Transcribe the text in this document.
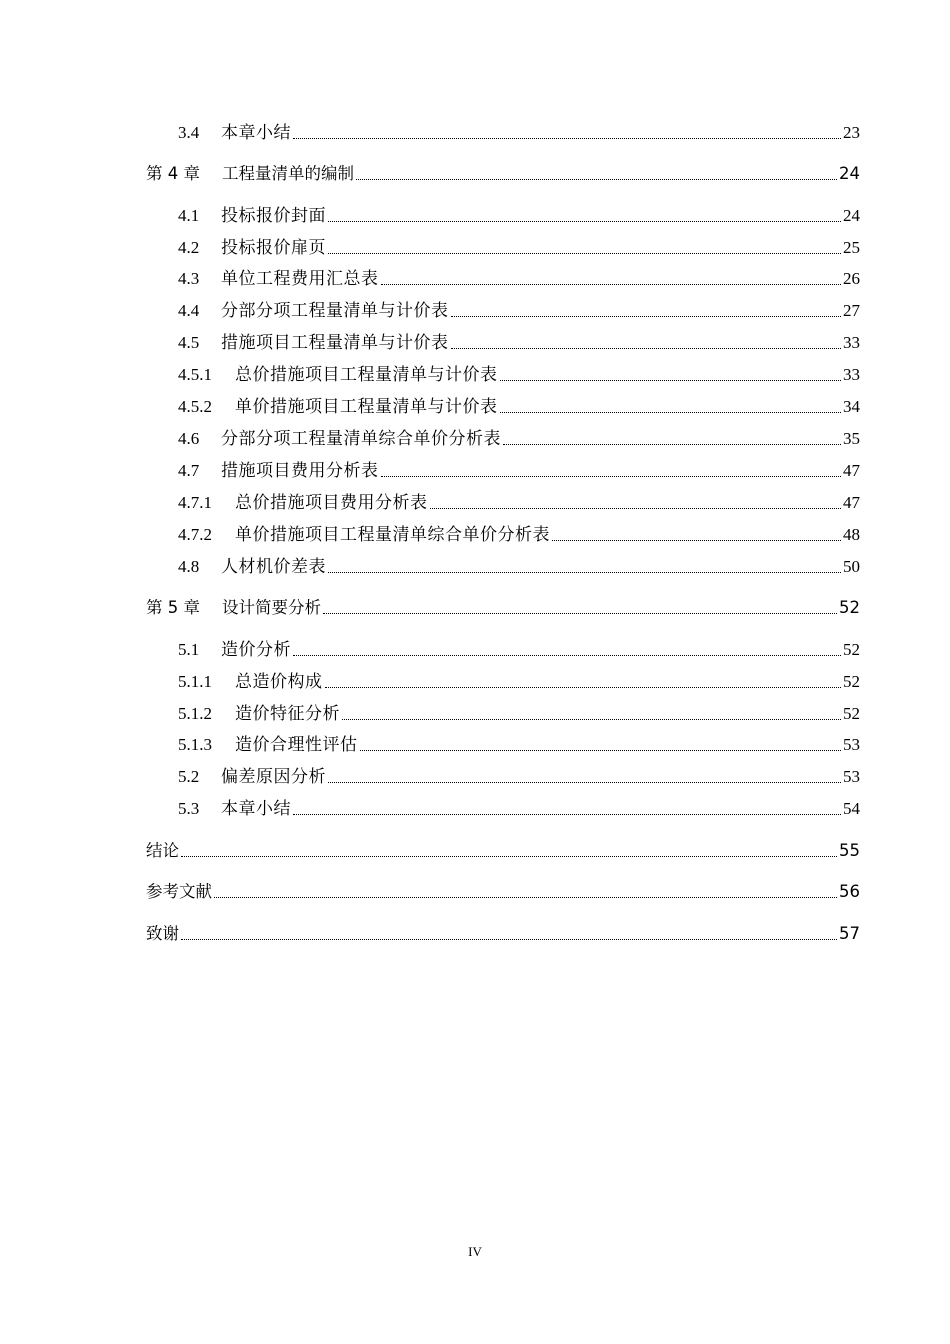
3.4	本章小结	23
第 4 章 工程量清单的编制	24
4.1	投标报价封面	24
4.2	投标报价扉页	25
4.3	单位工程费用汇总表	26
4.4	分部分项工程量清单与计价表	27
4.5	措施项目工程量清单与计价表	33
4.5.1	总价措施项目工程量清单与计价表	33
4.5.2	单价措施项目工程量清单与计价表	34
4.6	分部分项工程量清单综合单价分析表	35
4.7	措施项目费用分析表	47
4.7.1	总价措施项目费用分析表	47
4.7.2	单价措施项目工程量清单综合单价分析表	48
4.8	人材机价差表	50
第 5 章 设计简要分析	52
5.1	造价分析	52
5.1.1	总造价构成	52
5.1.2	造价特征分析	52
5.1.3	造价合理性评估	53
5.2	偏差原因分析	53
5.3	本章小结	54
结论	55
参考文献	56
致谢	57
IV
